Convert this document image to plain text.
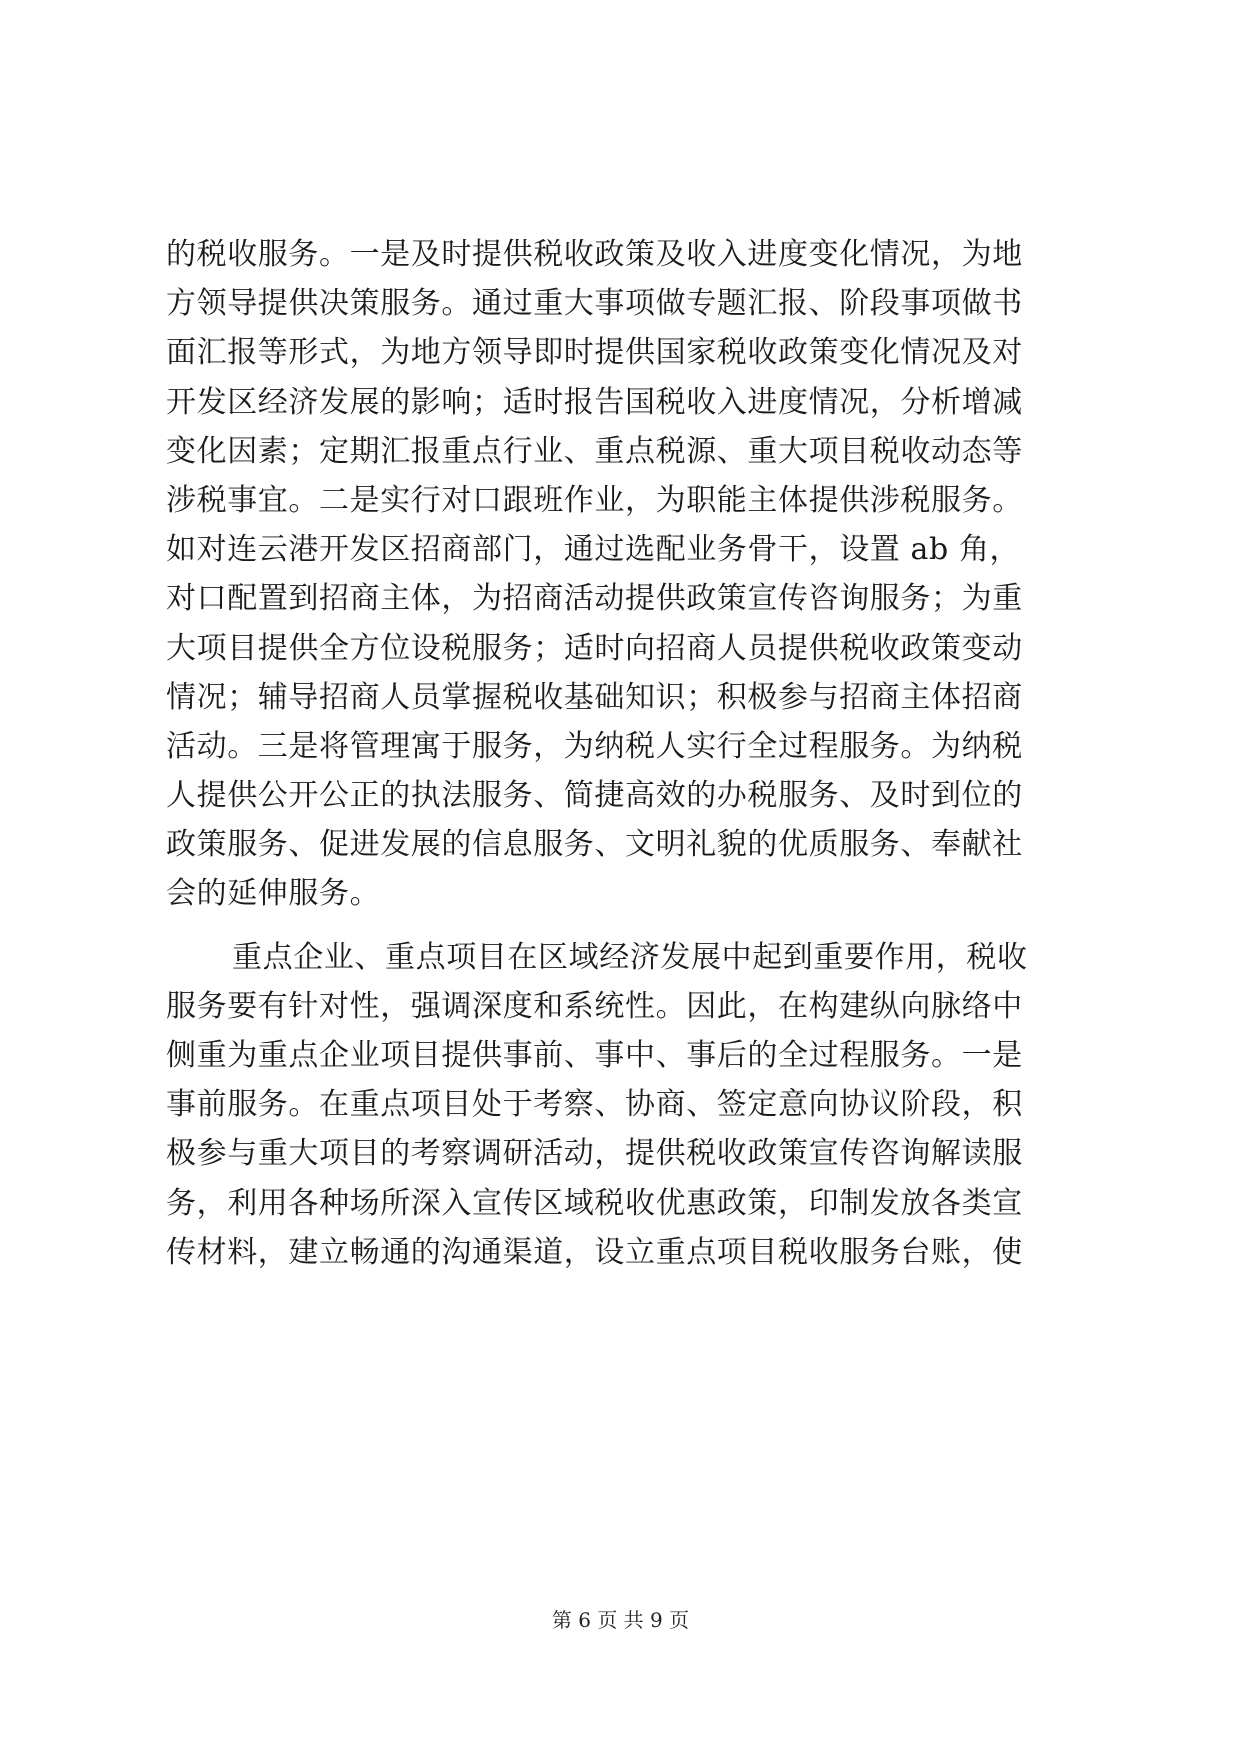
的税收服务。一是及时提供税收政策及收入进度变化情况，为地
方领导提供决策服务。通过重大事项做专题汇报、阶段事项做书
面汇报等形式，为地方领导即时提供国家税收政策变化情况及对
开发区经济发展的影响；适时报告国税收入进度情况，分析增减
变化因素；定期汇报重点行业、重点税源、重大项目税收动态等
涉税事宜。二是实行对口跟班作业，为职能主体提供涉税服务。
如对连云港开发区招商部门，通过选配业务骨干，设置 ab 角，
对口配置到招商主体，为招商活动提供政策宣传咨询服务；为重
大项目提供全方位设税服务；适时向招商人员提供税收政策变动
情况；辅导招商人员掌握税收基础知识；积极参与招商主体招商
活动。三是将管理寓于服务，为纳税人实行全过程服务。为纳税
人提供公开公正的执法服务、简捷高效的办税服务、及时到位的
政策服务、促进发展的信息服务、文明礼貌的优质服务、奉献社
会的延伸服务。
重点企业、重点项目在区域经济发展中起到重要作用，税收
服务要有针对性，强调深度和系统性。因此，在构建纵向脉络中
侧重为重点企业项目提供事前、事中、事后的全过程服务。一是
事前服务。在重点项目处于考察、协商、签定意向协议阶段，积
极参与重大项目的考察调研活动，提供税收政策宣传咨询解读服
务，利用各种场所深入宣传区域税收优惠政策，印制发放各类宣
传材料，建立畅通的沟通渠道，设立重点项目税收服务台账，使
第 6 页 共 9 页
